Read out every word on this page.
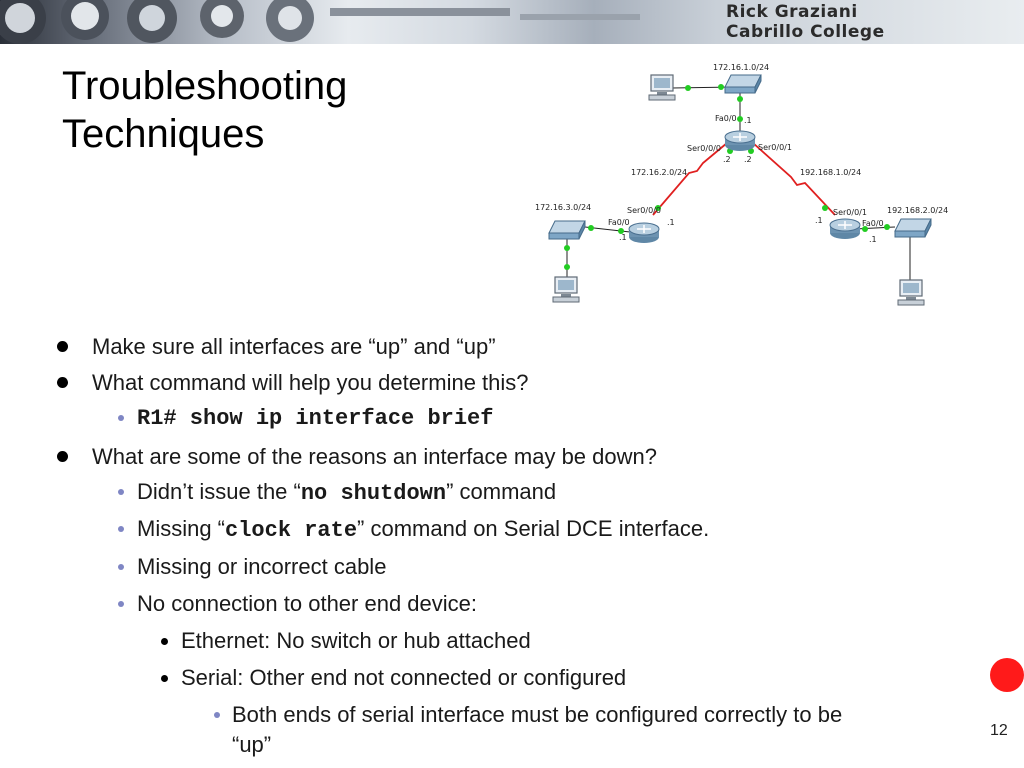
Rick Graziani
Cabrillo College
Troubleshooting
Techniques
172.16.1.0/24
Fa0/0 .1
Ser0/0/0	Ser0/0/1
.2 .2
172.16.2.0/24	192.168.1.0/24
172.16.3.0/24	Ser0/0/0
.1
Fa0/0
.1
Ser0/0/1
.1	Fa0/0
.1
192.168.2.0/24
Make sure all interfaces are “up” and “up”
What command will help you determine this?
R1# show ip interface brief
What are some of the reasons an interface may be down?
Didn’t issue the “no shutdown” command
Missing “clock rate” command on Serial DCE interface.
Missing or incorrect cable
No connection to other end device:
Ethernet: No switch or hub attached
Serial: Other end not connected or configured
Both ends of serial interface must be configured correctly to be
“up”
12
